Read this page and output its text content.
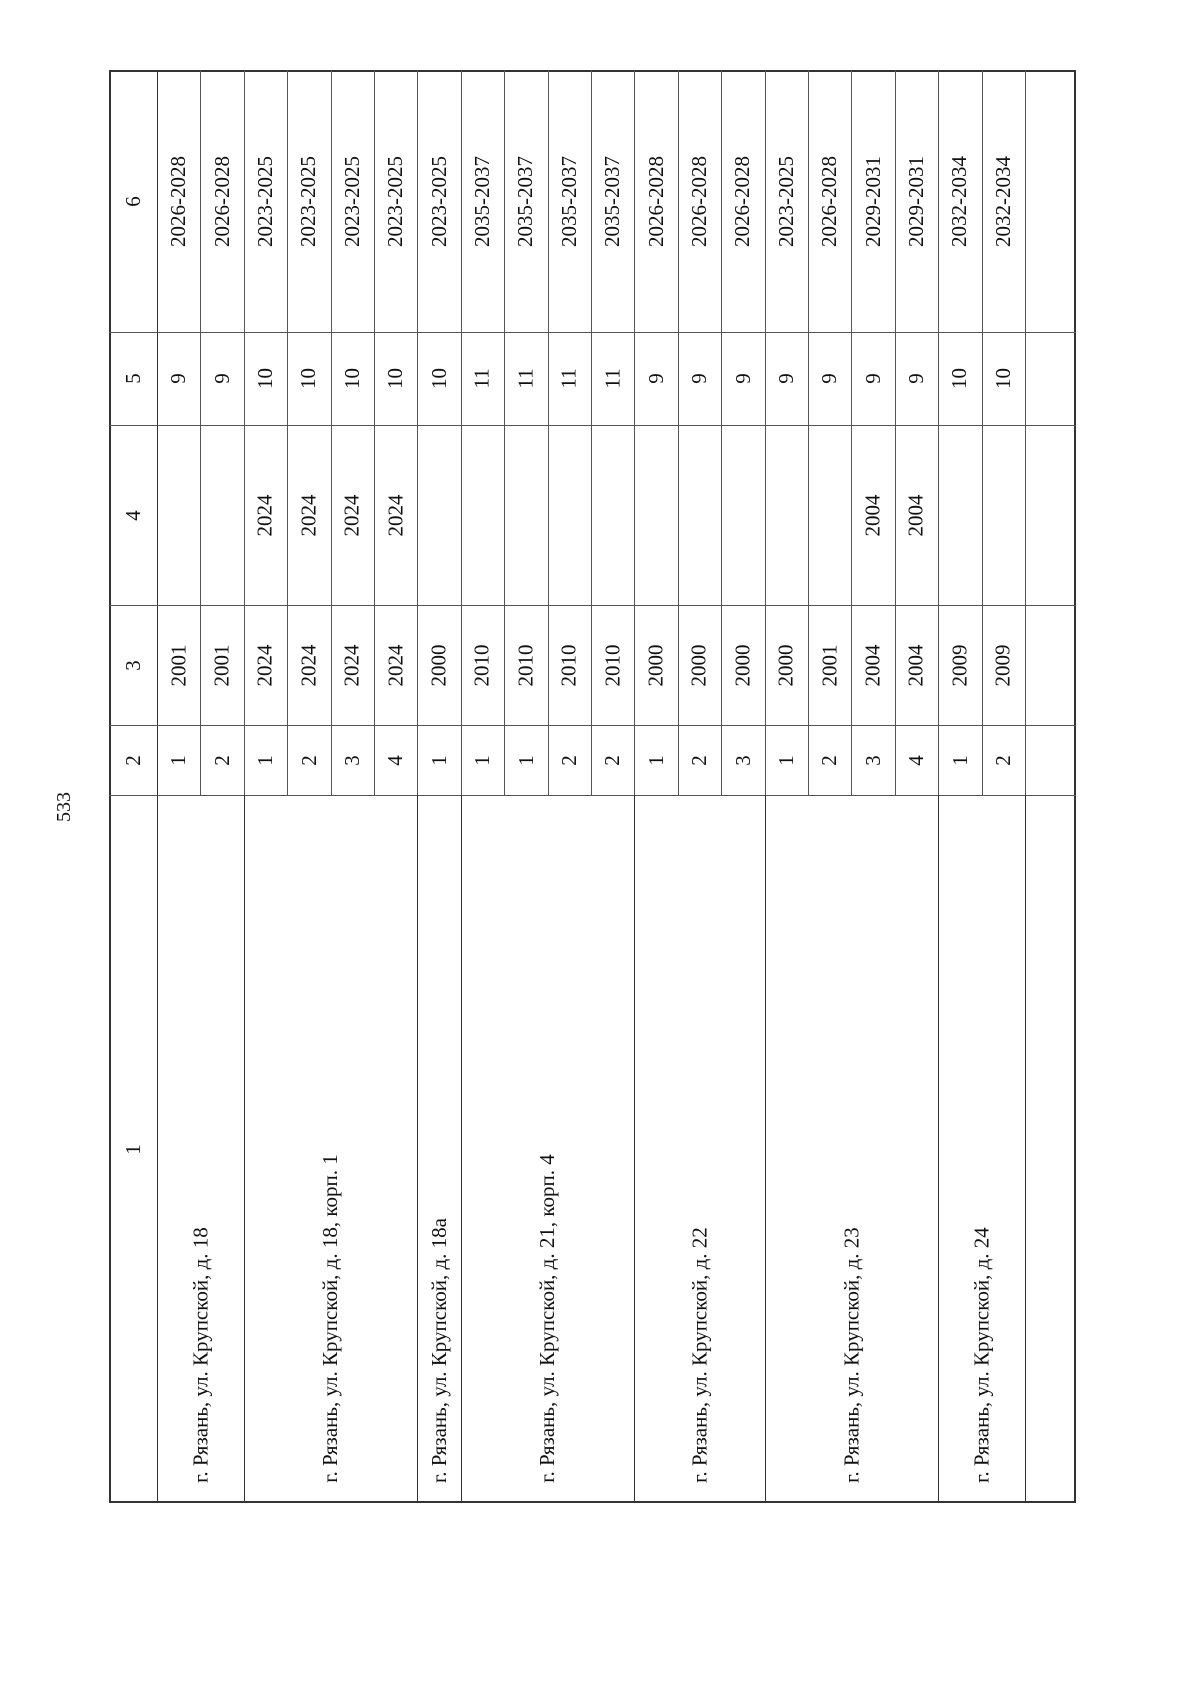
533
1
2
3
4
5
6
1
2001
9
2026-2028
2
2001
9
2026-2028
г. Рязань, ул. Крупской, д. 18
1
2024
2024
10
2023-2025
2
2024
2024
10
2023-2025
3
2024
2024
10
2023-2025
4
2024
2024
10
2023-2025
г. Рязань, ул. Крупской, д. 18, корп. 1
1
2000
10
2023-2025
г. Рязань, ул. Крупской, д. 18а
1
2010
11
2035-2037
1
2010
11
2035-2037
2
2010
11
2035-2037
2
2010
11
2035-2037
г. Рязань, ул. Крупской, д. 21, корп. 4
1
2000
9
2026-2028
2
2000
9
2026-2028
3
2000
9
2026-2028
г. Рязань, ул. Крупской, д. 22
1
2000
9
2023-2025
2
2001
9
2026-2028
3
2004
2004
9
2029-2031
4
2004
2004
9
2029-2031
г. Рязань, ул. Крупской, д. 23
1
2009
10
2032-2034
2
2009
10
2032-2034
г. Рязань, ул. Крупской, д. 24
